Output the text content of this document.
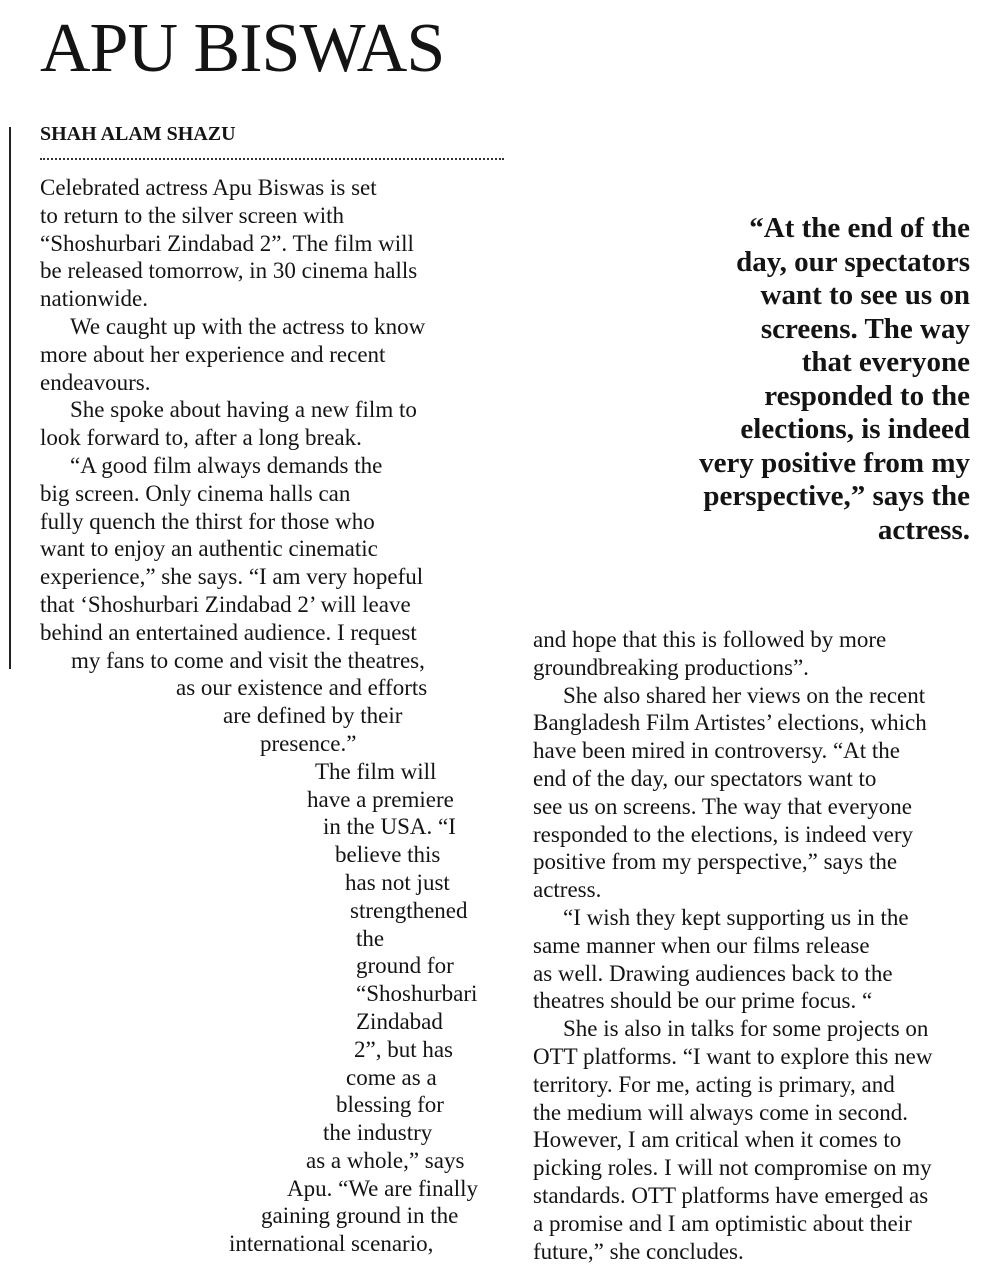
APU BISWAS
SHAH ALAM SHAZU
Celebrated actress Apu Biswas is set
to return to the silver screen with
“Shoshurbari Zindabad 2”. The film will
be released tomorrow, in 30 cinema halls
nationwide.
We caught up with the actress to know
more about her experience and recent
endeavours.
She spoke about having a new film to
look forward to, after a long break.
“A good film always demands the
big screen. Only cinema halls can
fully quench the thirst for those who
want to enjoy an authentic cinematic
experience,” she says. “I am very hopeful
that ‘Shoshurbari Zindabad 2’ will leave
behind an entertained audience. I request
my fans to come and visit the theatres,
as our existence and efforts
are defined by their
presence.”
The film will
have a premiere
in the USA. “I
believe this
has not just
strengthened
the
ground for
“Shoshurbari
Zindabad
2”, but has
come as a
blessing for
the industry
as a whole,” says
Apu. “We are finally
gaining ground in the
international scenario,
“At the end of the
day, our spectators
want to see us on
screens. The way
that everyone
responded to the
elections, is indeed
very positive from my
perspective,” says the
actress.
and hope that this is followed by more
groundbreaking productions”.
She also shared her views on the recent
Bangladesh Film Artistes’ elections, which
have been mired in controversy. “At the
end of the day, our spectators want to
see us on screens. The way that everyone
responded to the elections, is indeed very
positive from my perspective,” says the
actress.
“I wish they kept supporting us in the
same manner when our films release
as well. Drawing audiences back to the
theatres should be our prime focus. “
She is also in talks for some projects on
OTT platforms. “I want to explore this new
territory. For me, acting is primary, and
the medium will always come in second.
However, I am critical when it comes to
picking roles. I will not compromise on my
standards. OTT platforms have emerged as
a promise and I am optimistic about their
future,” she concludes.
